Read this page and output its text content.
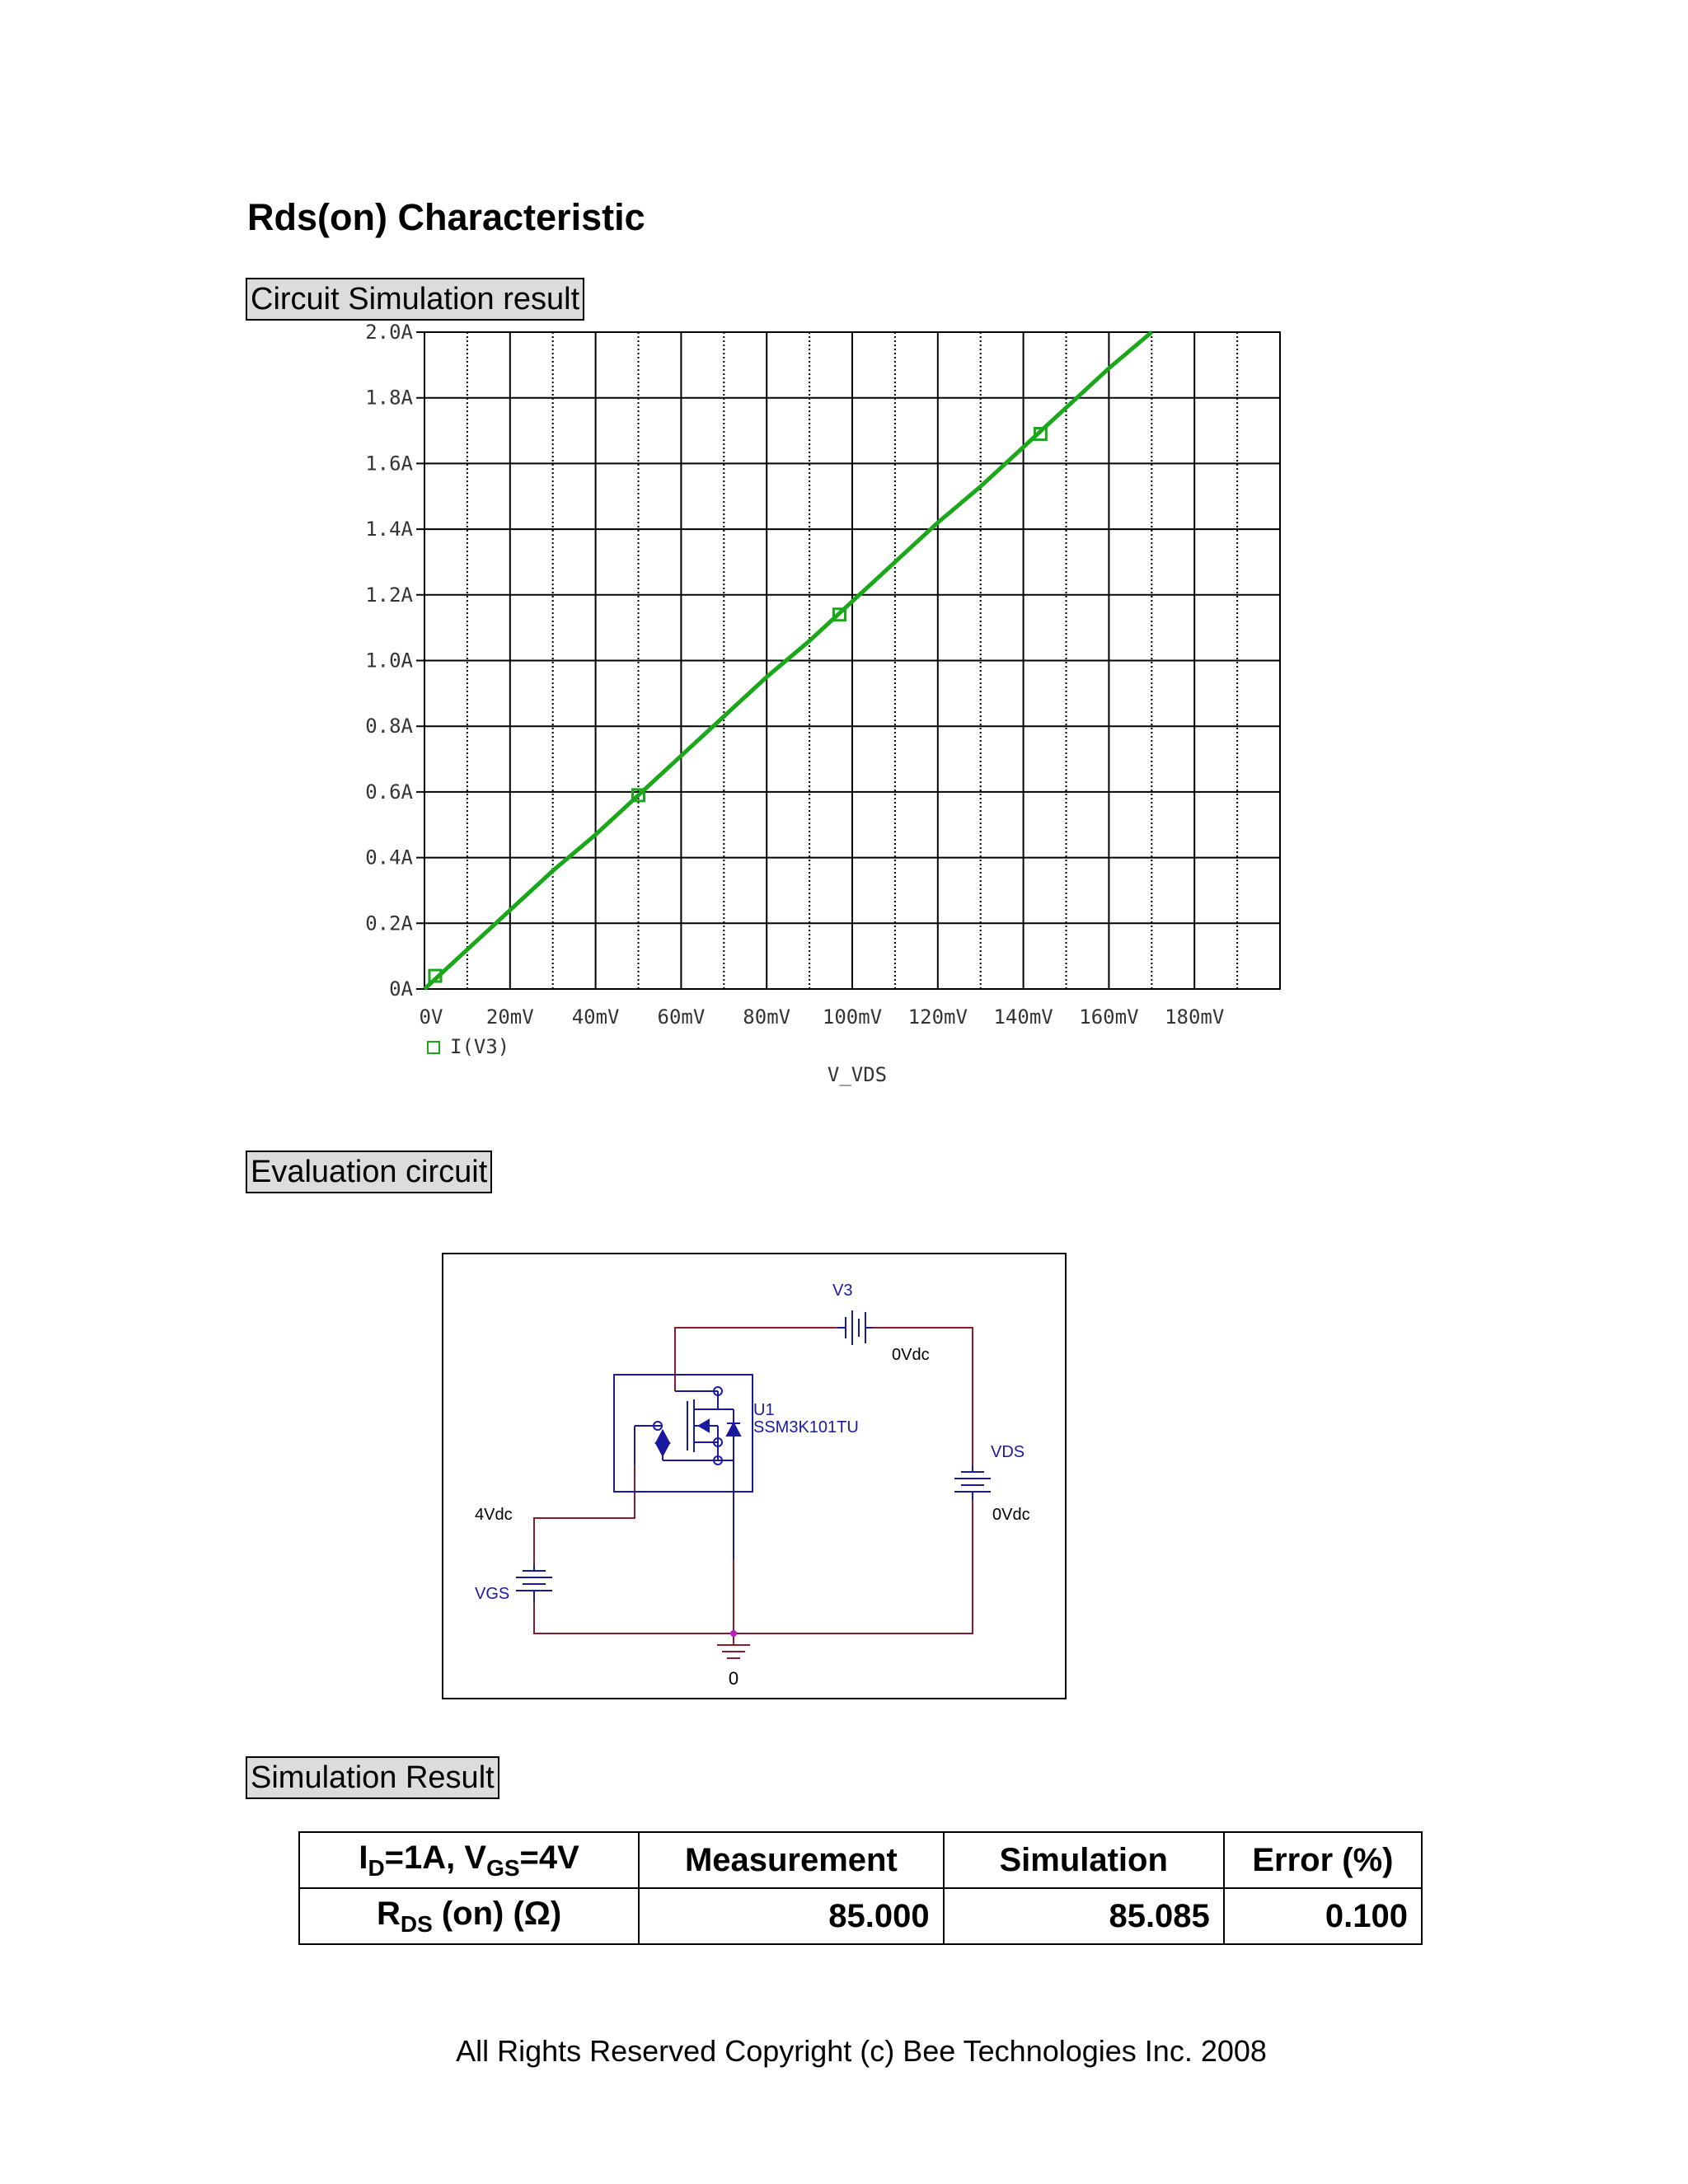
Rds(on) Characteristic
Circuit Simulation result
0A
0.2A
0.4A
0.6A
0.8A
1.0A
1.2A
1.4A
1.6A
1.8A
2.0A
0V 20mV 40mV 60mV 80mV 100mV 120mV 140mV 160mV 180mV
I(V3)
V_VDS
Evaluation circuit
V3
0Vdc
U1
SSM3K101TU
VDS
0Vdc
4Vdc
VGS
0
Simulation Result
$I_D=1A$, $V_{GS}=4V$	Measurement	Simulation	Error (%)
$R_{DS}$ (on) (Ω)	85.000	85.085	0.100
All Rights Reserved Copyright (c) Bee Technologies Inc. 2008
